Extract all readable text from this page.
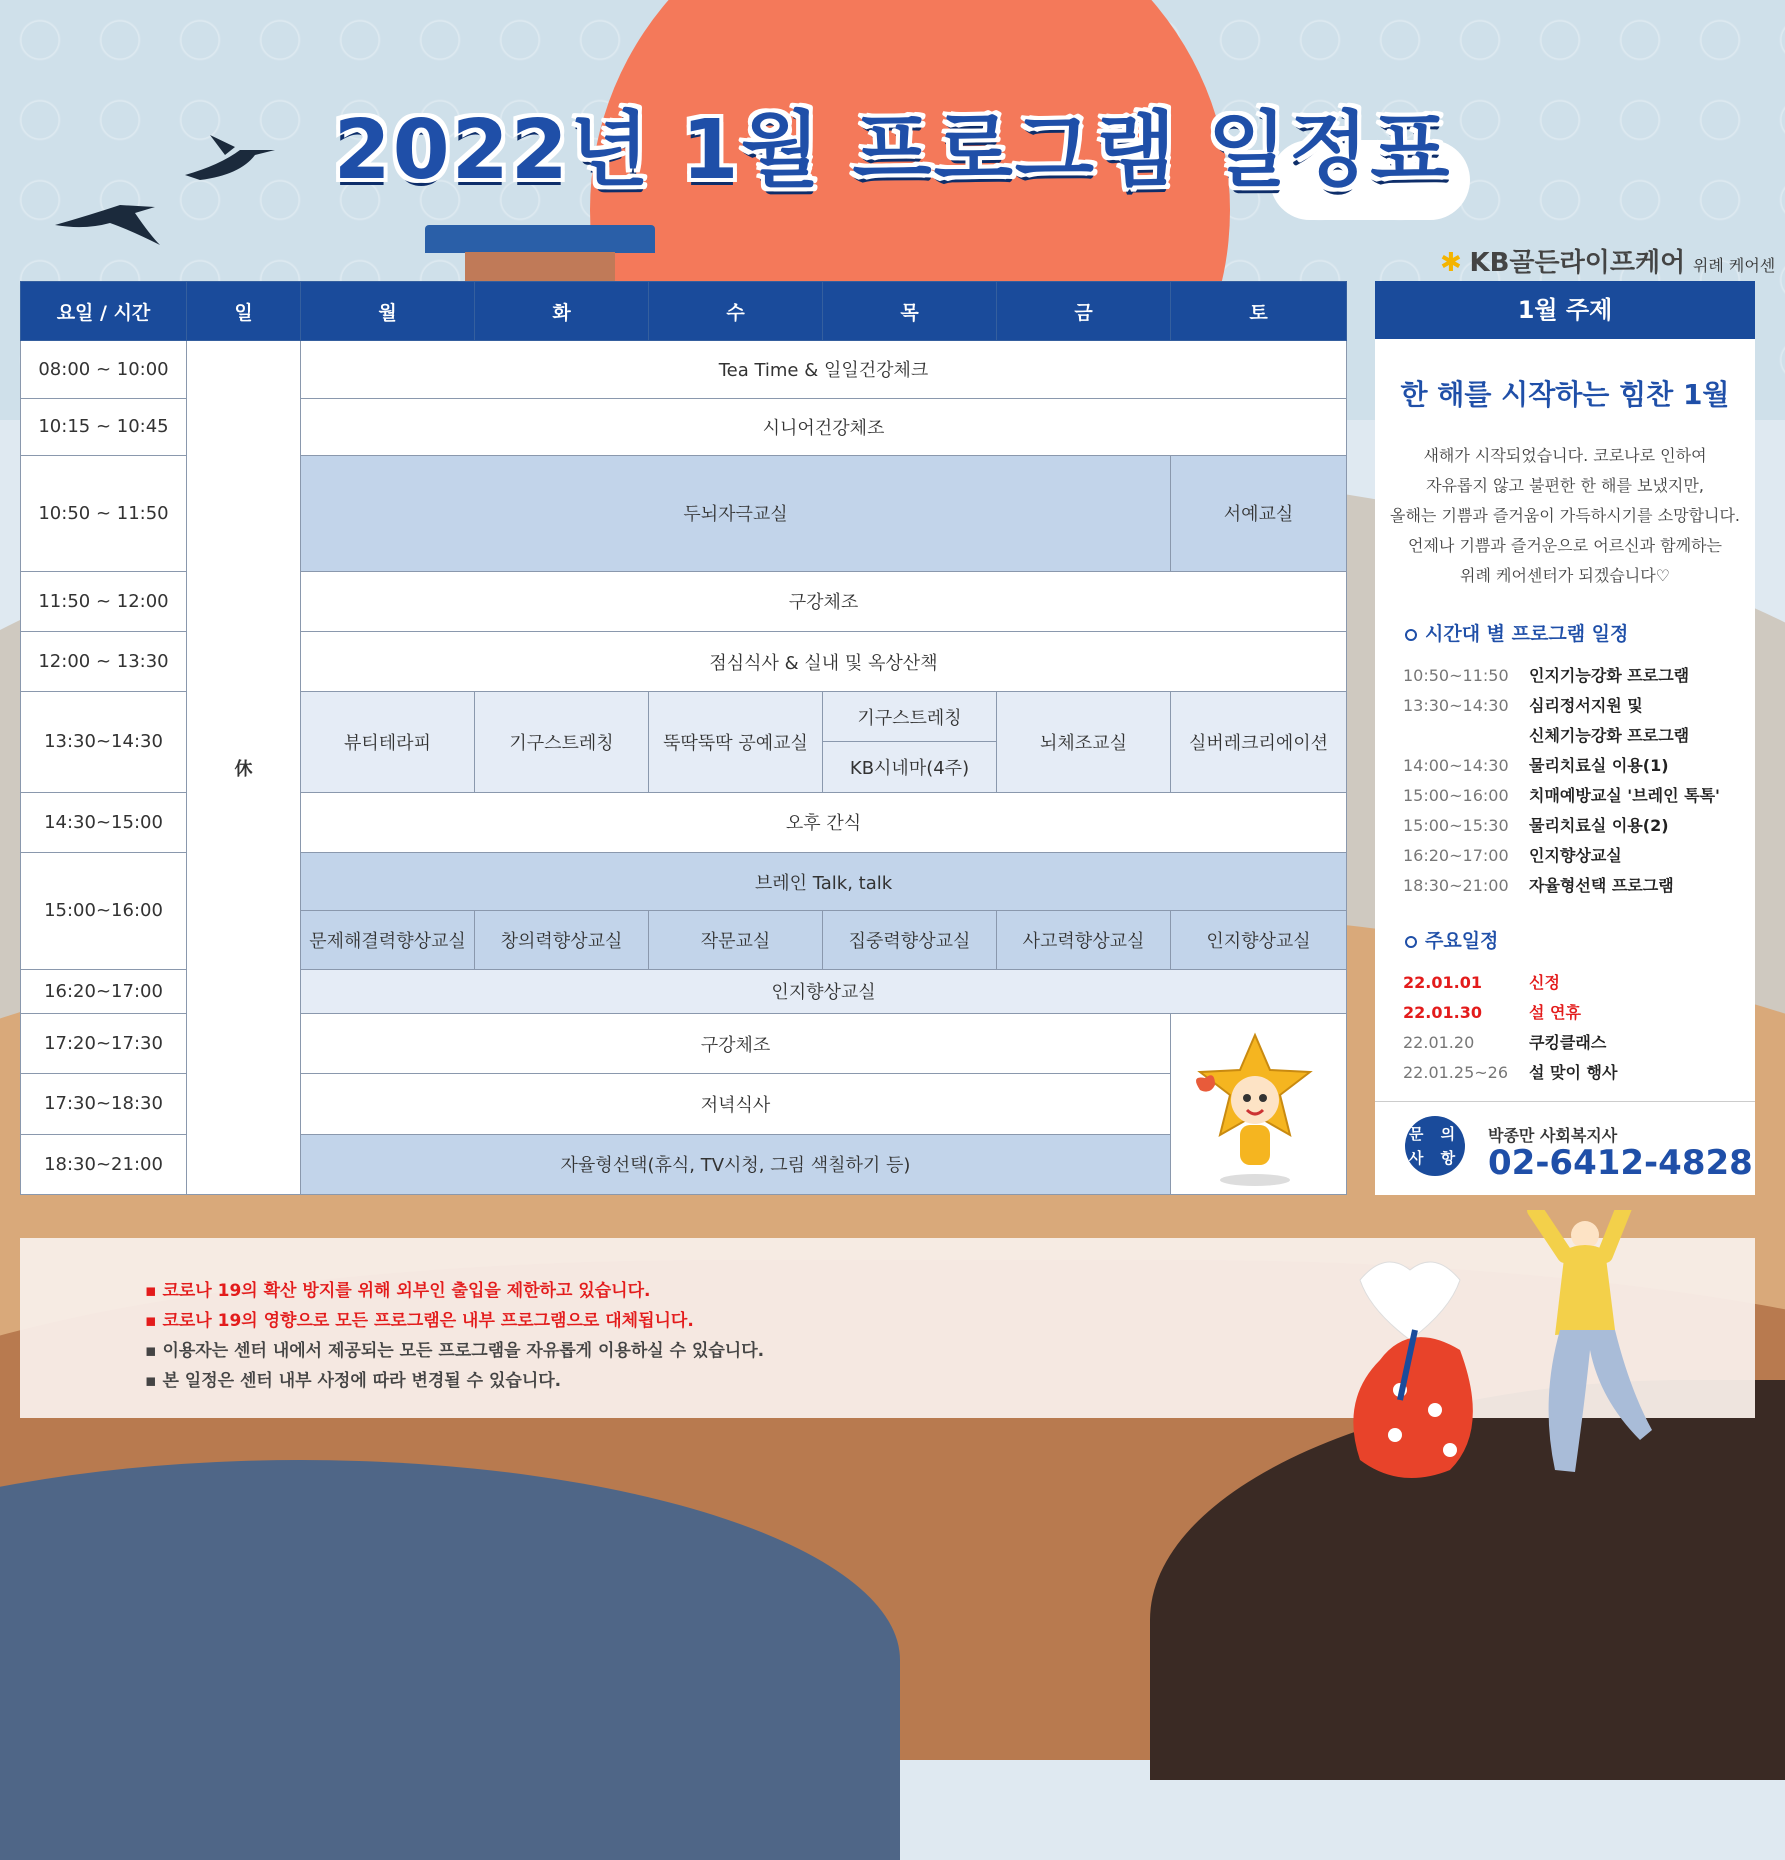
2022년 1월 프로그램 일정표
✱ KB골든라이프케어 위례 케어센
요일 / 시간	일	월	화	수	목	금	토
08:00 ~ 10:00	休	Tea Time & 일일건강체크					
10:15 ~ 10:45		시니어건강체조					
10:50 ~ 11:50		두뇌자극교실					서예교실
11:50 ~ 12:00		구강체조					
12:00 ~ 13:30		점심식사 & 실내 및 옥상산책					
13:30~14:30		뷰티테라피	기구스트레칭	뚝딱뚝딱 공예교실	기구스트레칭	뇌체조교실	실버레크리에이션
					KB시네마(4주)		
14:30~15:00		오후 간식					
15:00~16:00		브레인 Talk, talk					
		문제해결력향상교실	창의력향상교실	작문교실	집중력향상교실	사고력향상교실	인지향상교실
16:20~17:00		인지향상교실					
17:20~17:30		구강체조					
17:30~18:30		저녁식사					
18:30~21:00		자율형선택(휴식, TV시청, 그림 색칠하기 등)					
1월 주제
한 해를 시작하는 힘찬 1월
새해가 시작되었습니다. 코로나로 인하여
자유롭지 않고 불편한 한 해를 보냈지만,
올해는 기쁨과 즐거움이 가득하시기를 소망합니다.
언제나 기쁨과 즐거운으로 어르신과 함께하는
위례 케어센터가 되겠습니다♡
시간대 별 프로그램 일정
10:50~11:50	인지기능강화 프로그램
13:30~14:30	심리정서지원 및
신체기능강화 프로그램
14:00~14:30	물리치료실 이용(1)
15:00~16:00	치매예방교실 '브레인 톡톡'
15:00~15:30	물리치료실 이용(2)
16:20~17:00	인지향상교실
18:30~21:00	자율형선택 프로그램
주요일정
22.01.01	신정
22.01.30	설 연휴
22.01.20	쿠킹클래스
22.01.25~26	설 맞이 행사
문 의
사 항
박종만 사회복지사
02-6412-4828
▪ 코로나 19의 확산 방지를 위해 외부인 출입을 제한하고 있습니다.
▪ 코로나 19의 영향으로 모든 프로그램은 내부 프로그램으로 대체됩니다.
▪ 이용자는 센터 내에서 제공되는 모든 프로그램을 자유롭게 이용하실 수 있습니다.
▪ 본 일정은 센터 내부 사정에 따라 변경될 수 있습니다.
